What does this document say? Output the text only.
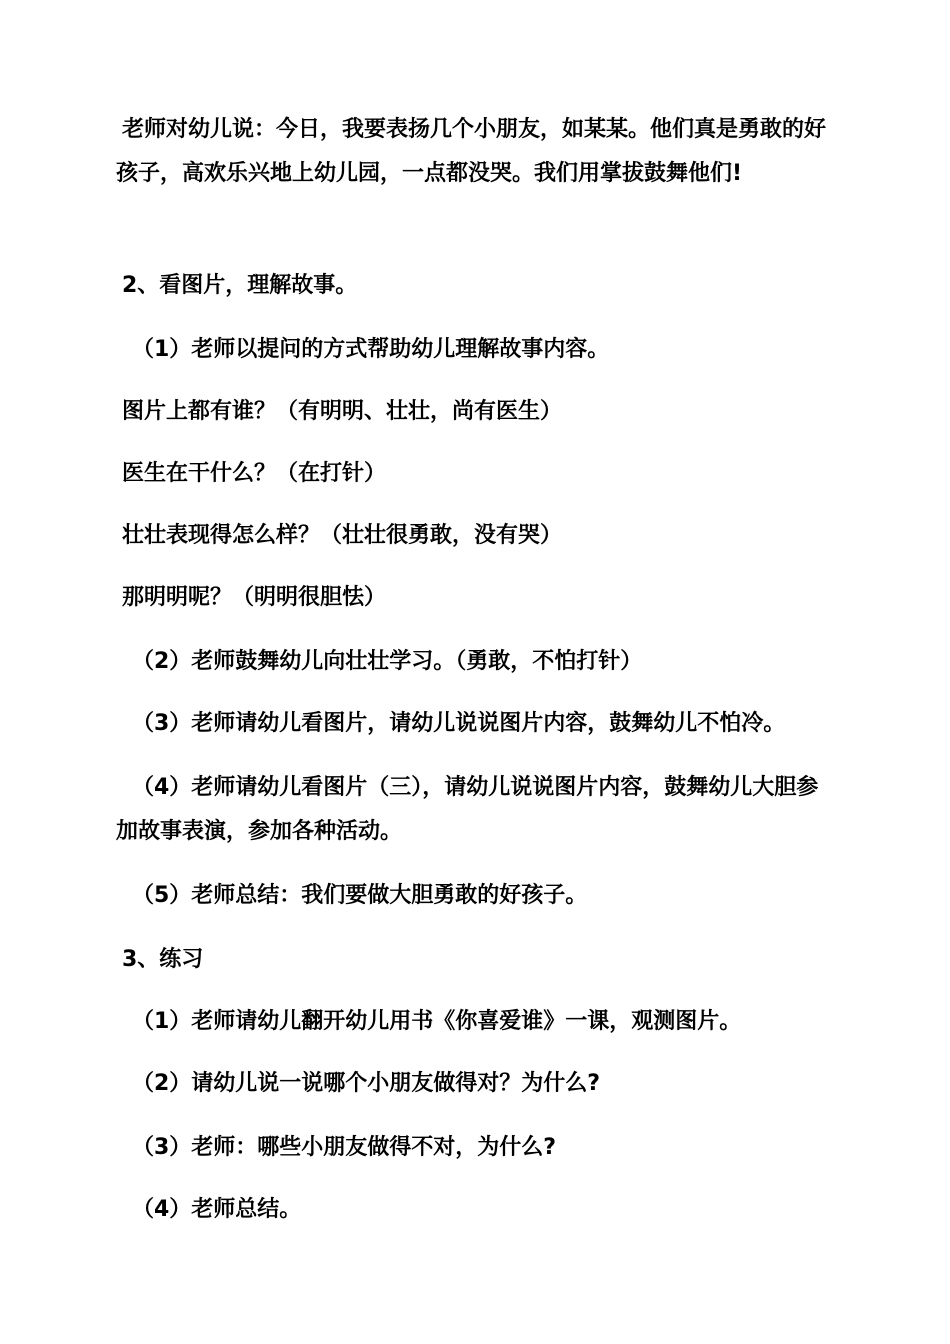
老师对幼儿说：今日，我要表扬几个小朋友，如某某。他们真是勇敢的好孩子，高欢乐兴地上幼儿园，一点都没哭。我们用掌拔鼓舞他们!

2、看图片，理解故事。

（1）老师以提问的方式帮助幼儿理解故事内容。

图片上都有谁？（有明明、壮壮，尚有医生）

医生在干什么？（在打针）

壮壮表现得怎么样？（壮壮很勇敢，没有哭）

那明明呢？（明明很胆怯）

（2）老师鼓舞幼儿向壮壮学习。（勇敢，不怕打针）

（3）老师请幼儿看图片，请幼儿说说图片内容，鼓舞幼儿不怕冷。

（4）老师请幼儿看图片（三），请幼儿说说图片内容，鼓舞幼儿大胆参加故事表演，参加各种活动。

（5）老师总结：我们要做大胆勇敢的好孩子。

3、练习

（1）老师请幼儿翻开幼儿用书《你喜爱谁》一课，观测图片。

（2）请幼儿说一说哪个小朋友做得对？为什么?

（3）老师：哪些小朋友做得不对，为什么?

（4）老师总结。
